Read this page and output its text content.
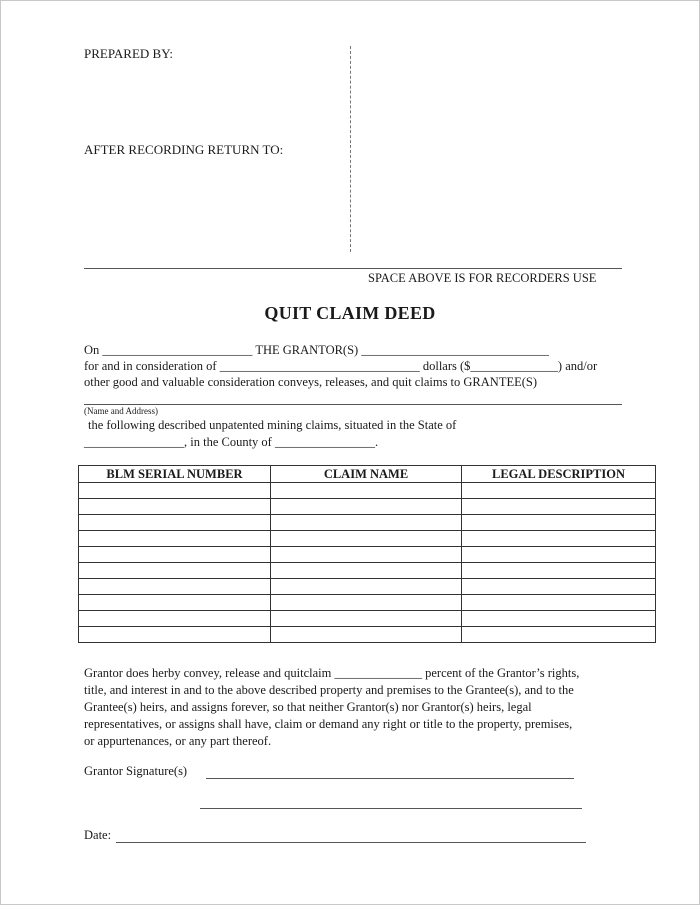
PREPARED BY:
AFTER RECORDING RETURN TO:
SPACE ABOVE IS FOR RECORDERS USE
QUIT CLAIM DEED
On ________________________ THE GRANTOR(S) ______________________________
for and in consideration of ________________________________ dollars ($______________) and/or
other good and valuable consideration conveys, releases, and quit claims to GRANTEE(S)
(Name and Address)
the following described unpatented mining claims, situated in the State of
________________, in the County of ________________.
BLM SERIAL NUMBER	CLAIM NAME	LEGAL DESCRIPTION

Grantor does herby convey, release and quitclaim ______________ percent of the Grantor’s rights,

title, and interest in and to the above described property and premises to the Grantee(s), and to the

Grantee(s) heirs, and assigns forever, so that neither Grantor(s) nor Grantor(s) heirs, legal

representatives, or assigns shall have, claim or demand any right or title to the property, premises,

or appurtenances, or any part thereof.

Grantor Signature(s)
Date:
